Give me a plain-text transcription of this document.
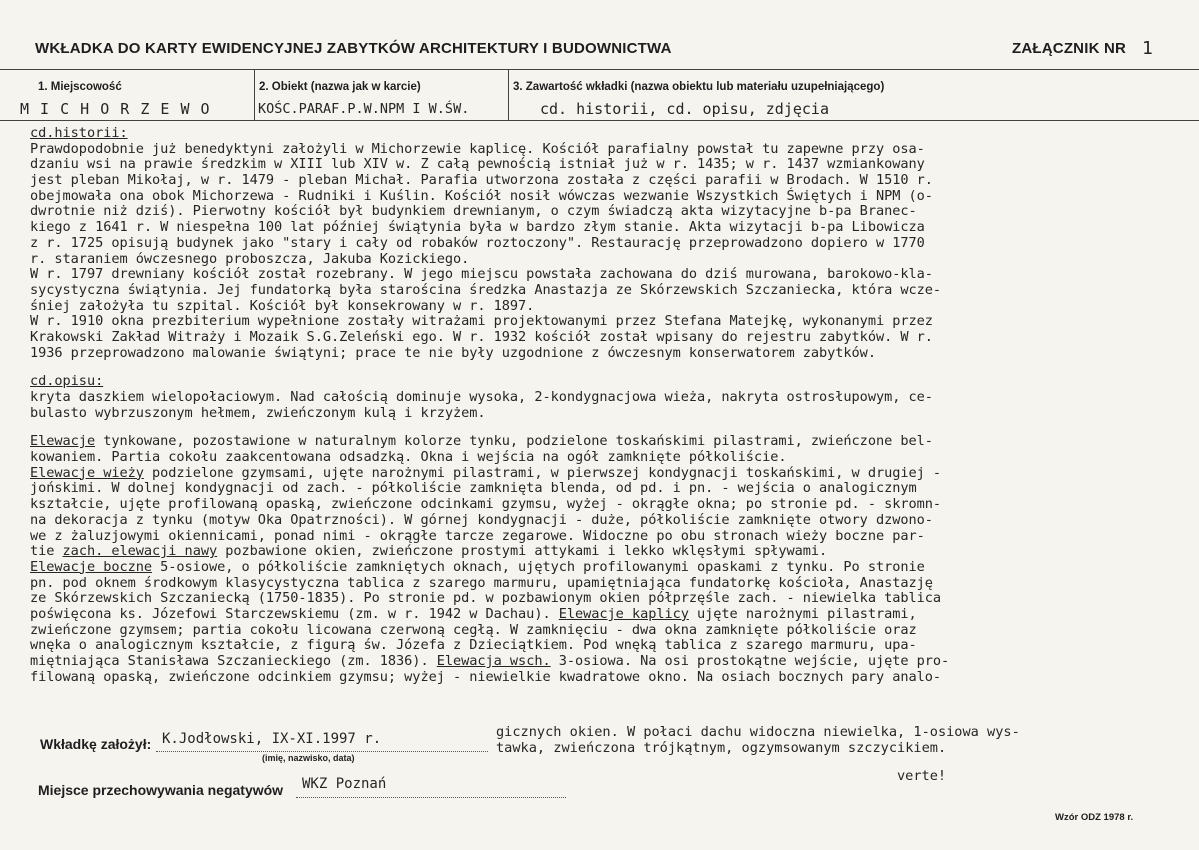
WKŁADKA DO KARTY EWIDENCYJNEJ ZABYTKÓW ARCHITEKTURY I BUDOWNICTWA	ZAŁĄCZNIK NR 1
1. Miejscowość	2. Obiekt (nazwa jak w karcie)	3. Zawartość wkładki (nazwa obiektu lub materiału uzupełniającego)
M I C H O R Z E W O	KOŚC.PARAF.P.W.NPM I W.ŚW.	cd. historii, cd. opisu, zdjęcia
cd.historii:
Prawdopodobnie już benedyktyni założyli w Michorzewie kaplicę. Kościół parafialny powstał tu zapewne przy osa-
dzaniu wsi na prawie średzkim w XIII lub XIV w. Z całą pewnością istniał już w r. 1435; w r. 1437 wzmiankowany
jest pleban Mikołaj, w r. 1479 - pleban Michał. Parafia utworzona została z części parafii w Brodach. W 1510 r.
obejmowała ona obok Michorzewa - Rudniki i Kuślin. Kościół nosił wówczas wezwanie Wszystkich Świętych i NPM (o-
dwrotnie niż dziś). Pierwotny kościół był budynkiem drewnianym, o czym świadczą akta wizytacyjne b-pa Branec-
kiego z 1641 r. W niespełna 100 lat później świątynia była w bardzo złym stanie. Akta wizytacji b-pa Libowicza
z r. 1725 opisują budynek jako "stary i cały od robaków roztoczony". Restaurację przeprowadzono dopiero w 1770
r. staraniem ówczesnego proboszcza, Jakuba Kozickiego.
W r. 1797 drewniany kościół został rozebrany. W jego miejscu powstała zachowana do dziś murowana, barokowo-kla-
sycystyczna świątynia. Jej fundatorką była starościna średzka Anastazja ze Skórzewskich Szczaniecka, która wcze-
śniej założyła tu szpital. Kościół był konsekrowany w r. 1897.
W r. 1910 okna prezbiterium wypełnione zostały witrażami projektowanymi przez Stefana Matejkę, wykonanymi przez
Krakowski Zakład Witraży i Mozaik S.G.Zeleński ego. W r. 1932 kościół został wpisany do rejestru zabytków. W r.
1936 przeprowadzono malowanie świątyni; prace te nie były uzgodnione z ówczesnym konserwatorem zabytków.
cd.opisu:
kryta daszkiem wielopołaciowym. Nad całością dominuje wysoka, 2-kondygnacjowa wieża, nakryta ostrosłupowym, ce-
bulasto wybrzuszonym hełmem, zwieńczonym kulą i krzyżem.
Elewacje tynkowane, pozostawione w naturalnym kolorze tynku, podzielone toskańskimi pilastrami, zwieńczone bel-
kowaniem. Partia cokołu zaakcentowana odsadzką. Okna i wejścia na ogół zamknięte półkoliście.
Elewacje wieży podzielone gzymsami, ujęte narożnymi pilastrami, w pierwszej kondygnacji toskańskimi, w drugiej -
jońskimi. W dolnej kondygnacji od zach. - półkoliście zamknięta blenda, od pd. i pn. - wejścia o analogicznym
kształcie, ujęte profilowaną opaską, zwieńczone odcinkami gzymsu, wyżej - okrągłe okna; po stronie pd. - skromn-
na dekoracja z tynku (motyw Oka Opatrzności). W górnej kondygnacji - duże, półkoliście zamknięte otwory dzwono-
we z żaluzjowymi okiennicami, ponad nimi - okrągłe tarcze zegarowe. Widoczne po obu stronach wieży boczne par-
tie zach. elewacji nawy pozbawione okien, zwieńczone prostymi attykami i lekko wklęsłymi spływami.
Elewacje boczne 5-osiowe, o półkoliście zamkniętych oknach, ujętych profilowanymi opaskami z tynku. Po stronie
pn. pod oknem środkowym klasycystyczna tablica z szarego marmuru, upamiętniająca fundatorkę kościoła, Anastazję
ze Skórzewskich Szczaniecką (1750-1835). Po stronie pd. w pozbawionym okien półprzęśle zach. - niewielka tablica
poświęcona ks. Józefowi Starczewskiemu (zm. w r. 1942 w Dachau). Elewacje kaplicy ujęte narożnymi pilastrami,
zwieńczone gzymsem; partia cokołu licowana czerwoną cegłą. W zamknięciu - dwa okna zamknięte półkoliście oraz
wnęka o analogicznym kształcie, z figurą św. Józefa z Dzieciątkiem. Pod wnęką tablica z szarego marmuru, upa-
miętniająca Stanisława Szczanieckiego (zm. 1836). Elewacja wsch. 3-osiowa. Na osi prostokątne wejście, ujęte pro-
filowaną opaską, zwieńczone odcinkiem gzymsu; wyżej - niewielkie kwadratowe okno. Na osiach bocznych pary analo-
gicznych okien. W połaci dachu widoczna niewielka, 1-osiowa wys-
tawka, zwieńczona trójkątnym, ogzymsowanym szczycikiem.
Wkładkę założył: K.Jodłowski, IX-XI.1997 r.
(imię, nazwisko, data)
Miejsce przechowywania negatywów WKZ Poznań	verte!
Wzór ODZ 1978 r.
